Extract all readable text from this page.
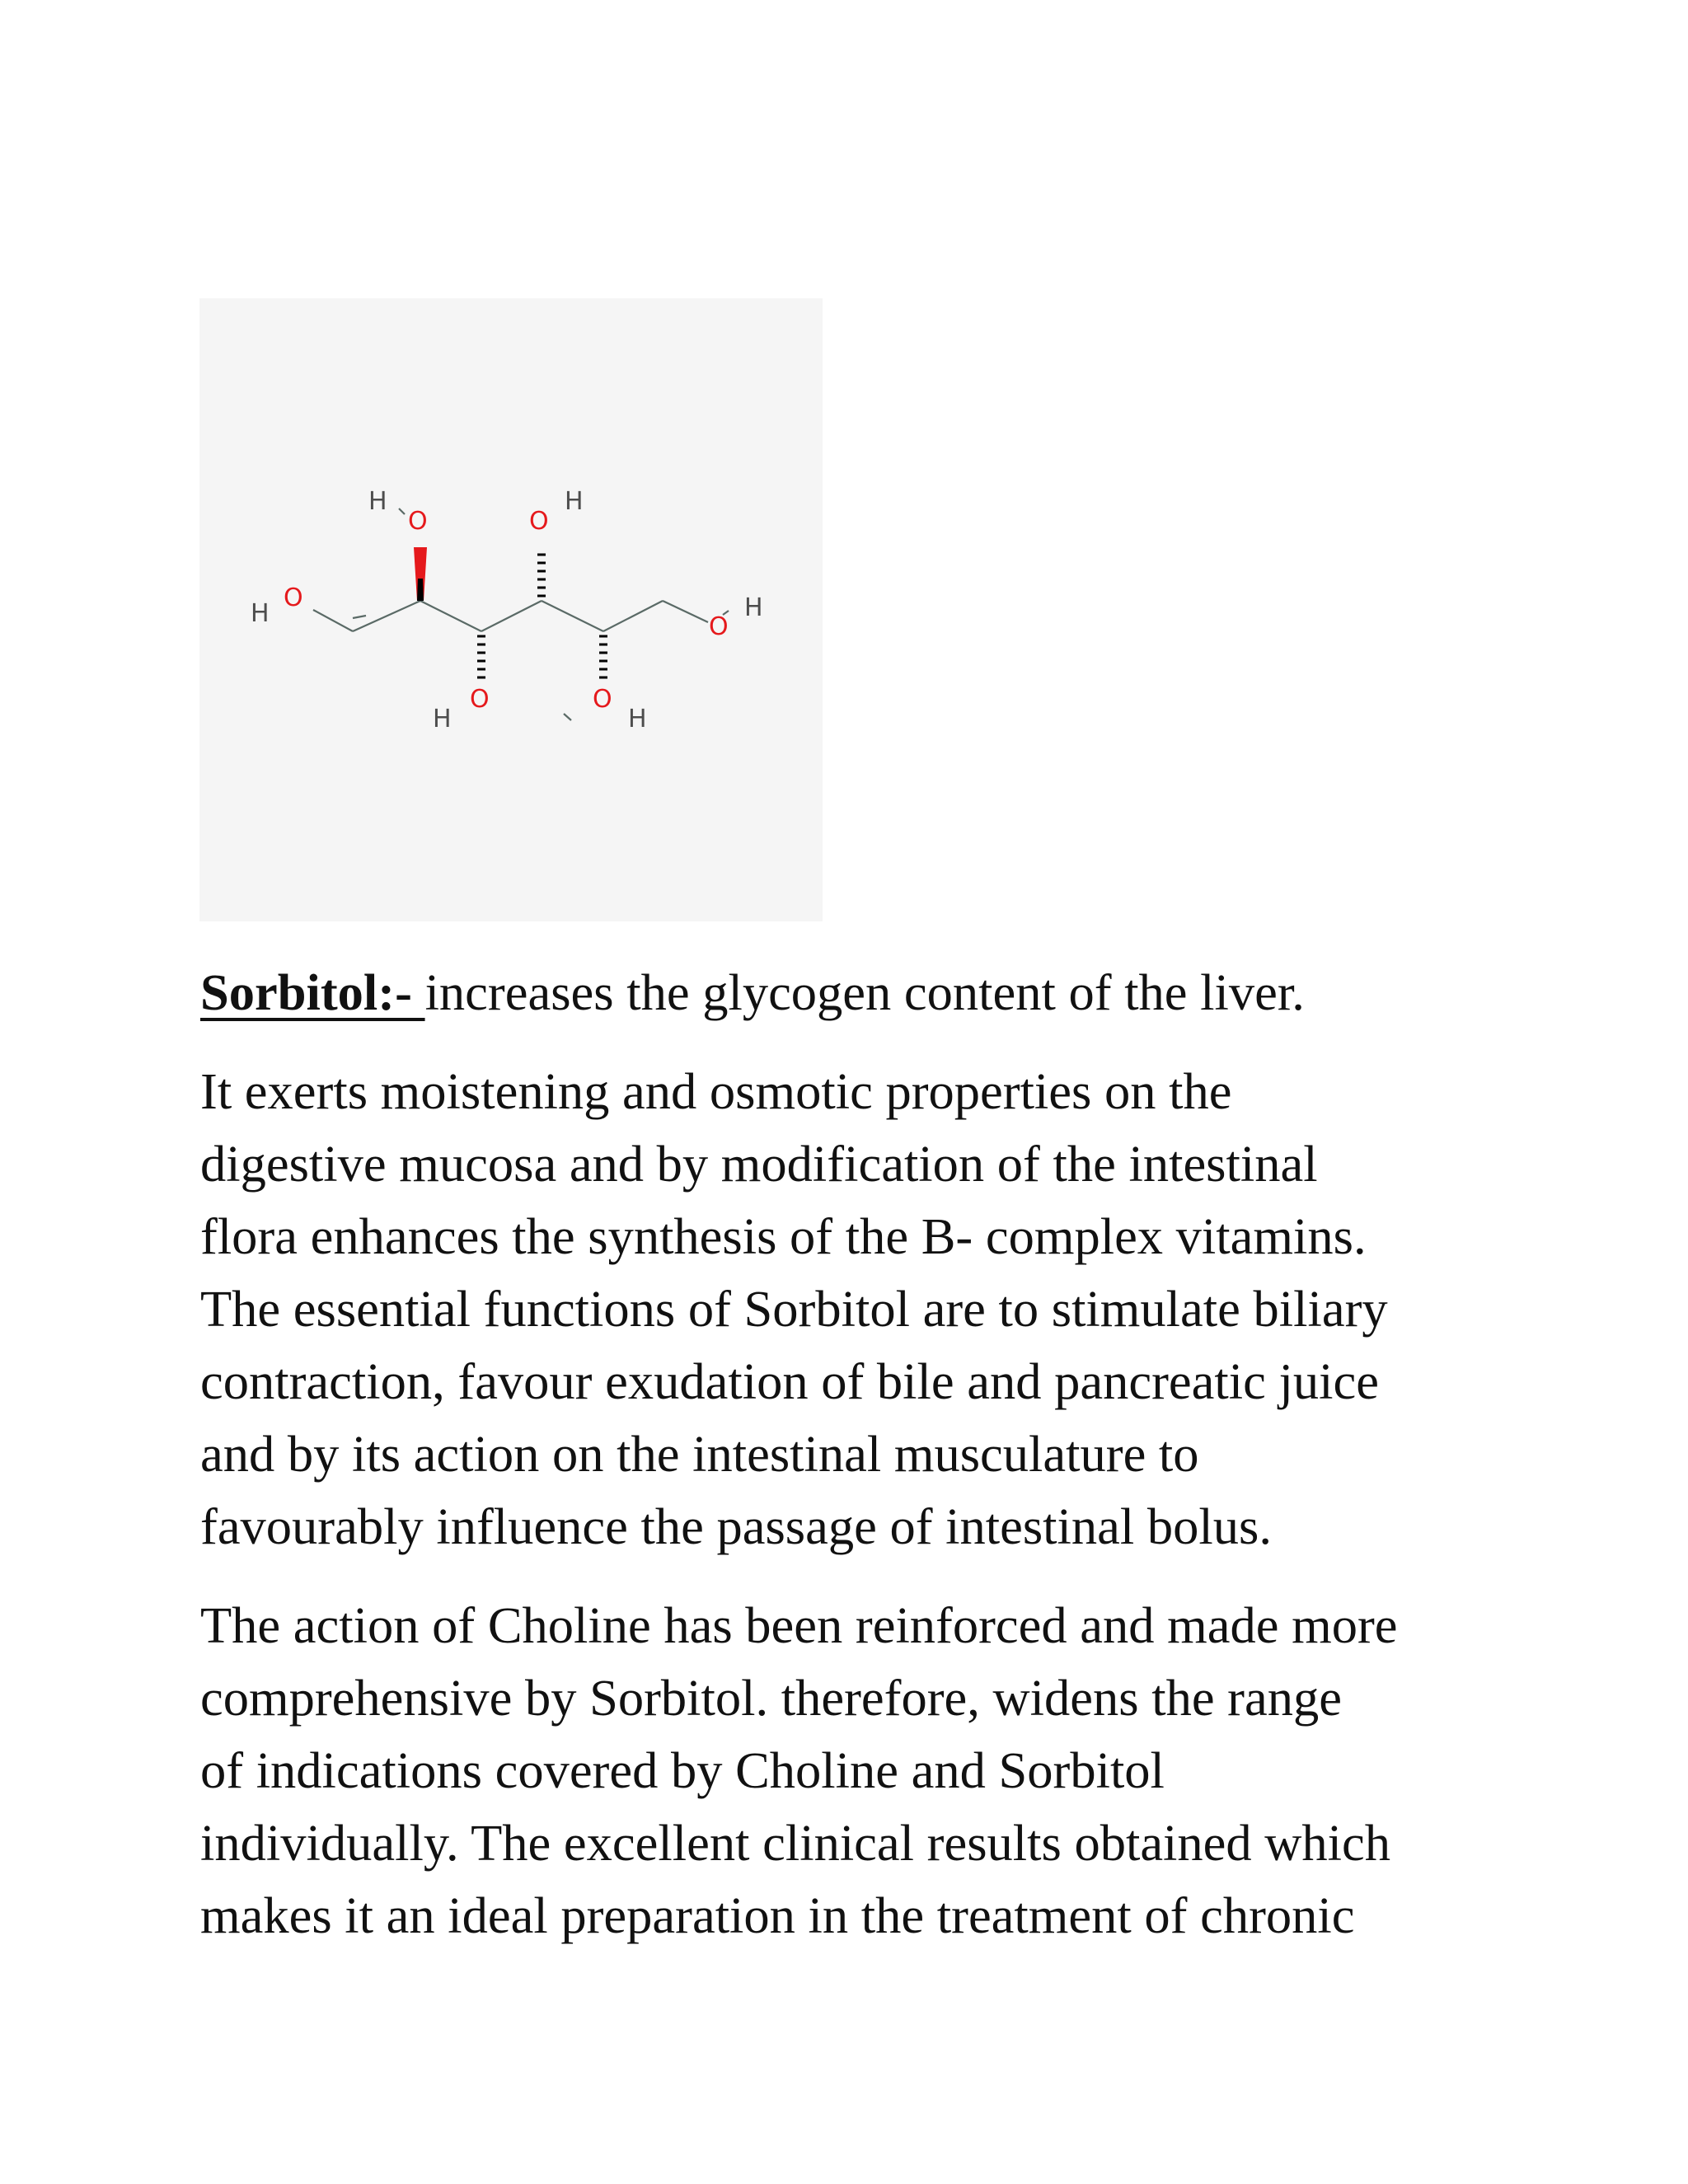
H
O
H
O	O
H
O
H
O
H
O
H

Sorbitol:- increases the glycogen content of the liver.

It exerts moistening and osmotic properties on the
digestive mucosa and by modification of the intestinal
flora enhances the synthesis of the B- complex vitamins.
The essential functions of Sorbitol are to stimulate biliary
contraction, favour exudation of bile and pancreatic juice
and by its action on the intestinal musculature to
favourably influence the passage of intestinal bolus.

The action of Choline has been reinforced and made more
comprehensive by Sorbitol. therefore, widens the range
of indications covered by Choline and Sorbitol
individually. The excellent clinical results obtained which
makes it an ideal preparation in the treatment of chronic
